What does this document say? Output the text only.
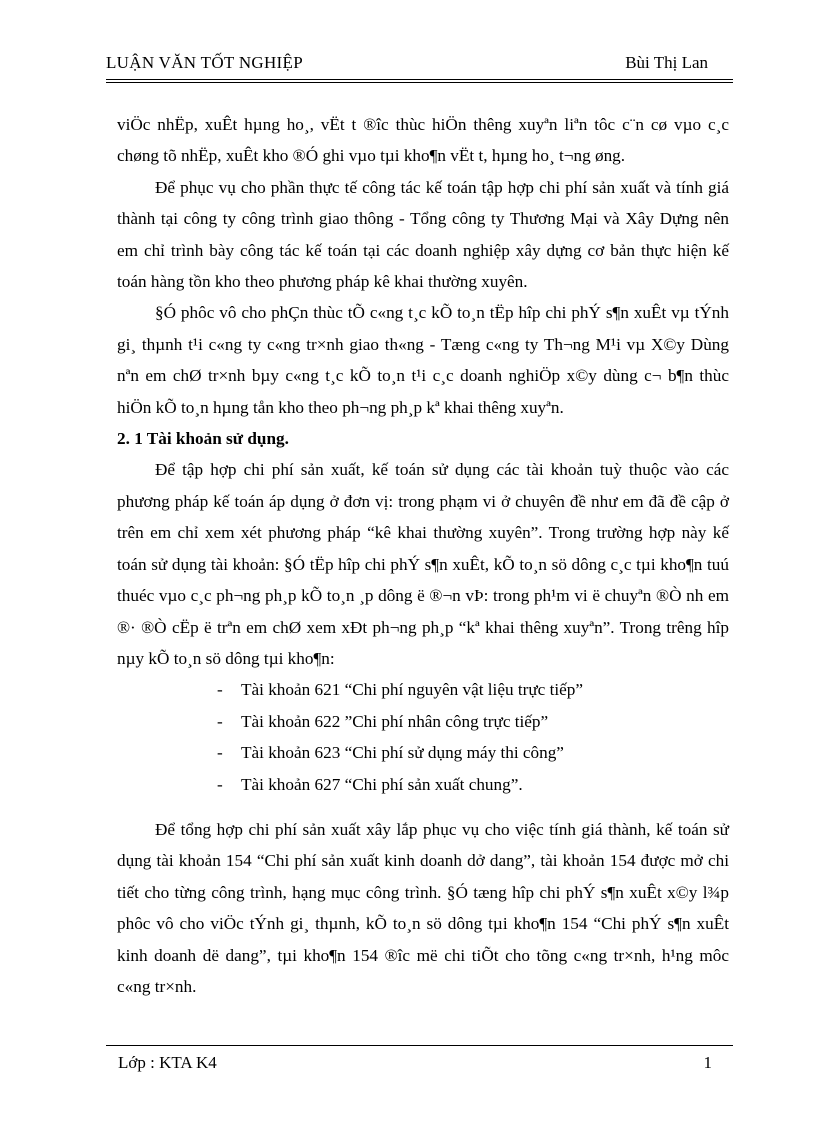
LUẬN VĂN TỐT NGHIỆP	Bùi Thị Lan

viÖc nhËp, xuÊt hµng ho¸, vËt t ®îc thùc hiÖn thêng xuyªn liªn tôc c¨n cø vµo c¸c chøng tõ nhËp, xuÊt kho ®Ó ghi vµo tµi kho¶n vËt t, hµng ho¸ t¬ng øng.

Để phục vụ cho phần thực tế công tác kế toán tập hợp chi phí sản xuất và tính giá thành tại công ty công trình giao thông - Tổng công ty Thương Mại và Xây Dựng nên em chỉ trình bày công tác kế toán tại các doanh nghiệp xây dựng cơ bản thực hiện kế toán hàng tồn kho theo phương pháp kê khai thường xuyên.

§Ó phôc vô cho phÇn thùc tÕ c«ng t¸c kÕ to¸n tËp hîp chi phÝ s¶n xuÊt vµ tÝnh gi¸ thµnh t¹i c«ng ty c«ng tr×nh giao th«ng - Tæng c«ng ty Th¬ng M¹i vµ X©y Dùng nªn em chØ tr×nh bµy c«ng t¸c kÕ to¸n t¹i c¸c doanh nghiÖp x©y dùng c¬ b¶n thùc hiÖn kÕ to¸n hµng tån kho theo ph¬ng ph¸p kª khai thêng xuyªn.

2. 1 Tài khoản sử dụng.

Để tập hợp chi phí sản xuất, kế toán sử dụng các tài khoản tuỳ thuộc vào các phương pháp kế toán áp dụng ở đơn vị: trong phạm vi ở chuyên đề như em đã đề cập ở trên em chỉ xem xét phương pháp “kê khai thường xuyên”. Trong trường hợp này kế toán sử dụng tài khoản: §Ó tËp hîp chi phÝ s¶n xuÊt, kÕ to¸n sö dông c¸c tµi kho¶n tuú thuéc vµo c¸c ph¬ng ph¸p kÕ to¸n ¸p dông ë ®¬n vÞ: trong ph¹m vi ë chuyªn ®Ò nh em ®· ®Ò cËp ë trªn em chØ xem xÐt ph¬ng ph¸p “kª khai thêng xuyªn”. Trong trêng hîp nµy kÕ to¸n sö dông tµi kho¶n:

- Tài khoản 621 “Chi phí nguyên vật liệu trực tiếp”
- Tài khoản 622 ”Chi phí nhân công trực tiếp”
- Tài khoản 623 “Chi phí sử dụng máy thi công”
- Tài khoản 627 “Chi phí sản xuất chung”.

Để tổng hợp chi phí sản xuất xây lắp phục vụ cho việc tính giá thành, kế toán sử dụng tài khoản 154 “Chi phí sản xuất kinh doanh dở dang”, tài khoản 154 được mở chi tiết cho từng công trình, hạng mục công trình. §Ó tæng hîp chi phÝ s¶n xuÊt x©y l¾p phôc vô cho viÖc tÝnh gi¸ thµnh, kÕ to¸n sö dông tµi kho¶n 154 “Chi phÝ s¶n xuÊt kinh doanh dë dang”, tµi kho¶n 154 ®îc më chi tiÕt cho tõng c«ng tr×nh, h¹ng môc c«ng tr×nh.

Lớp : KTA K4	1
